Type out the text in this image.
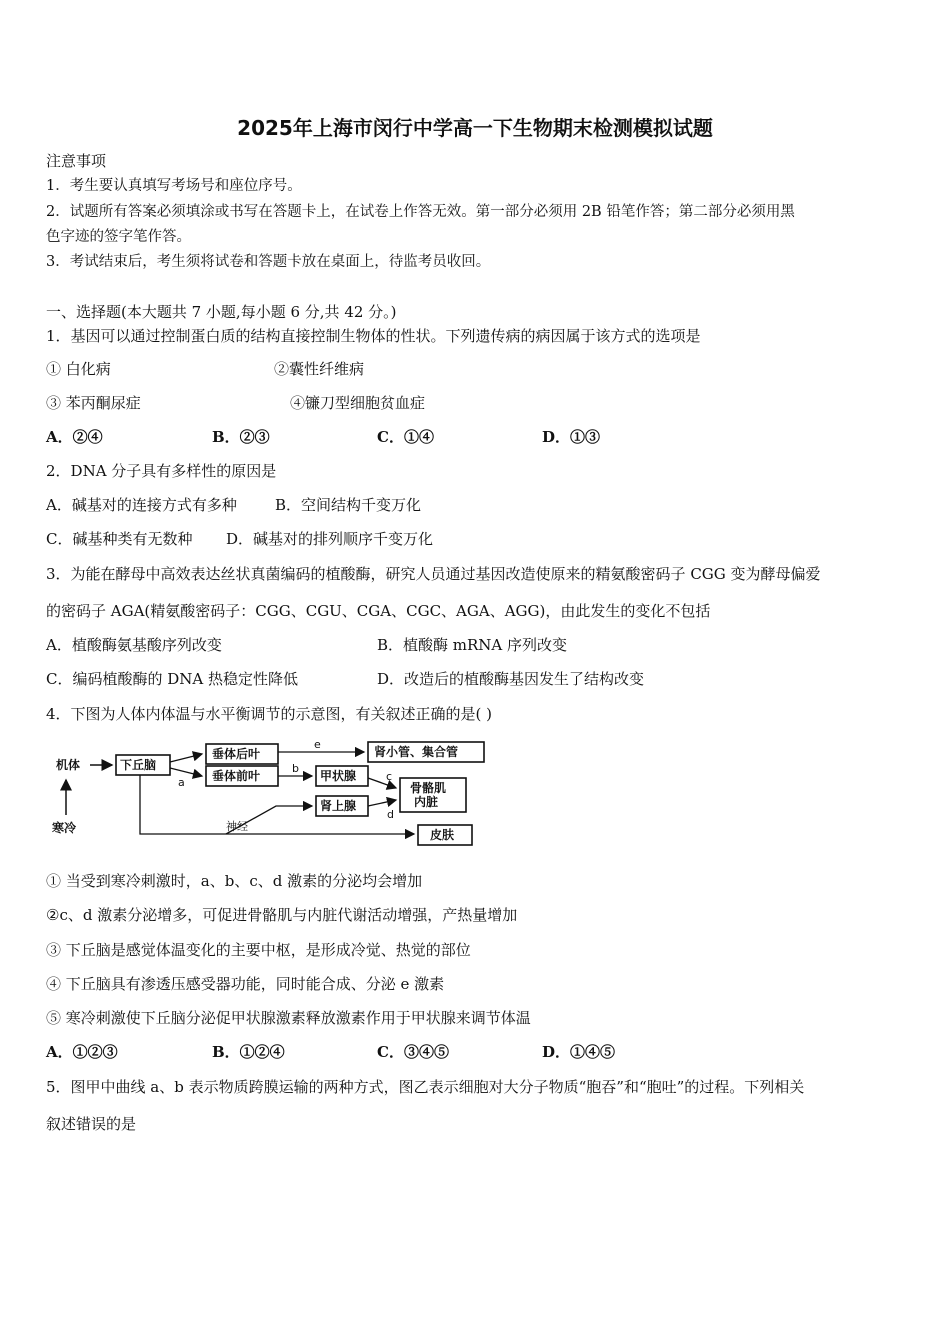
2025年上海市闵行中学高一下生物期末检测模拟试题
注意事项
1．考生要认真填写考场号和座位序号。
2．试题所有答案必须填涂或书写在答题卡上，在试卷上作答无效。第一部分必须用 2B 铅笔作答；第二部分必须用黑
色字迹的签字笔作答。
3．考试结束后，考生须将试卷和答题卡放在桌面上，待监考员收回。
一、选择题(本大题共 7 小题,每小题 6 分,共 42 分。)
1．基因可以通过控制蛋白质的结构直接控制生物体的性状。下列遗传病的病因属于该方式的选项是
① 白化病	②囊性纤维病
③ 苯丙酮尿症	④镰刀型细胞贫血症
A．②④	B．②③	C．①④	D．①③
2．DNA 分子具有多样性的原因是
A．碱基对的连接方式有多种	B．空间结构千变万化
C．碱基种类有无数种 D．碱基对的排列顺序千变万化
3．为能在酵母中高效表达丝状真菌编码的植酸酶，研究人员通过基因改造使原来的精氨酸密码子 CGG 变为酵母偏爱
的密码子 AGA(精氨酸密码子：CGG、CGU、CGA、CGC、AGA、AGG)，由此发生的变化不包括
A．植酸酶氨基酸序列改变	B．植酸酶 mRNA 序列改变
C．编码植酸酶的 DNA 热稳定性降低	D．改造后的植酸酶基因发生了结构改变
4．下图为人体内体温与水平衡调节的示意图，有关叙述正确的是( )
机体
寒冷
下丘脑
垂体后叶
垂体前叶
a
肾小管、集合管
e
甲状腺
b
骨骼肌
内脏
c
肾上腺
d
神经
皮肤
① 当受到寒冷刺激时，a、b、c、d 激素的分泌均会增加
②c、d 激素分泌增多，可促进骨骼肌与内脏代谢活动增强，产热量增加
③ 下丘脑是感觉体温变化的主要中枢，是形成冷觉、热觉的部位
④ 下丘脑具有渗透压感受器功能，同时能合成、分泌 e 激素
⑤ 寒冷刺激使下丘脑分泌促甲状腺激素释放激素作用于甲状腺来调节体温
A．①②③	B．①②④	C．③④⑤	D．①④⑤
5．图甲中曲线 a、b 表示物质跨膜运输的两种方式，图乙表示细胞对大分子物质“胞吞”和“胞吐”的过程。下列相关
叙述错误的是
